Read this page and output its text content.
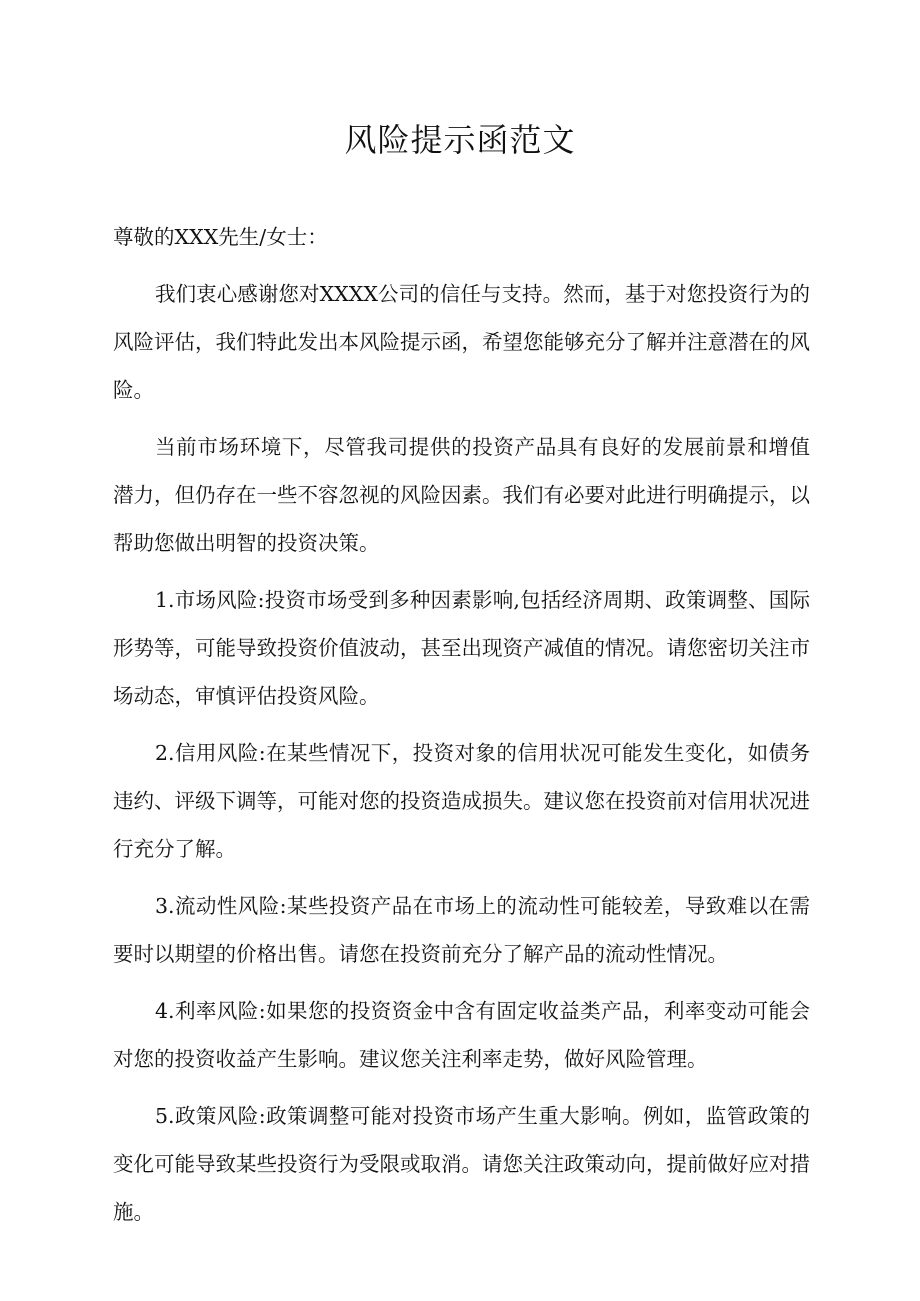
风险提示函范文

尊敬的XXX先生/女士：

我们衷心感谢您对XXXX公司的信任与支持。然而，基于对您投资行为的风险评估，我们特此发出本风险提示函，希望您能够充分了解并注意潜在的风险。

当前市场环境下，尽管我司提供的投资产品具有良好的发展前景和增值潜力，但仍存在一些不容忽视的风险因素。我们有必要对此进行明确提示，以帮助您做出明智的投资决策。

1.市场风险:投资市场受到多种因素影响,包括经济周期、政策调整、国际形势等，可能导致投资价值波动，甚至出现资产减值的情况。请您密切关注市场动态，审慎评估投资风险。

2.信用风险:在某些情况下，投资对象的信用状况可能发生变化，如债务违约、评级下调等，可能对您的投资造成损失。建议您在投资前对信用状况进行充分了解。

3.流动性风险:某些投资产品在市场上的流动性可能较差，导致难以在需要时以期望的价格出售。请您在投资前充分了解产品的流动性情况。

4.利率风险:如果您的投资资金中含有固定收益类产品，利率变动可能会对您的投资收益产生影响。建议您关注利率走势，做好风险管理。

5.政策风险:政策调整可能对投资市场产生重大影响。例如，监管政策的变化可能导致某些投资行为受限或取消。请您关注政策动向，提前做好应对措施。
